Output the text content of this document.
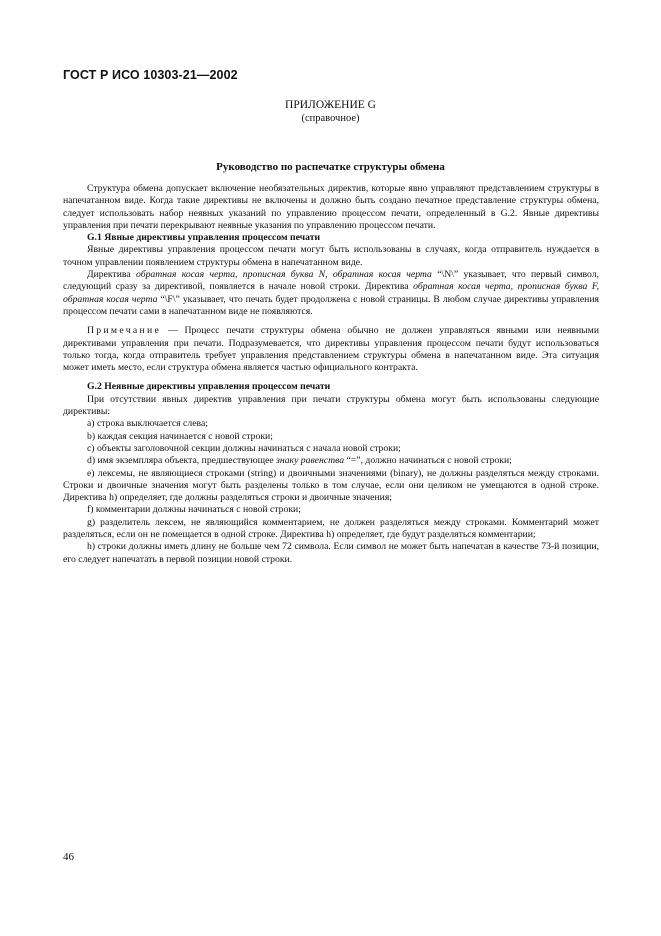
ГОСТ Р ИСО 10303-21—2002
ПРИЛОЖЕНИЕ G
(справочное)
Руководство по распечатке структуры обмена

Структура обмена допускает включение необязательных директив, которые явно управляют представлением структуры в напечатанном виде. Когда такие директивы не включены и должно быть создано печатное представление структуры обмена, следует использовать набор неявных указаний по управлению процессом печати, определенный в G.2. Явные директивы управления при печати перекрывают неявные указания по управлению процессом печати.

G.1 Явные директивы управления процессом печати

Явные директивы управления процессом печати могут быть использованы в случаях, когда отправитель нуждается в точном управлении появлением структуры обмена в напечатанном виде.

Директива обратная косая черта, прописная буква N, обратная косая черта “\N\” указывает, что первый символ, следующий сразу за директивой, появляется в начале новой строки. Директива обратная косая черта, прописная буква F, обратная косая черта “\F\” указывает, что печать будет продолжена с новой страницы. В любом случае директивы управления процессом печати сами в напечатанном виде не появляются.

Примечание — Процесс печати структуры обмена обычно не должен управляться явными или неявными директивами управления при печати. Подразумевается, что директивы управления процессом печати будут использоваться только тогда, когда отправитель требует управления представлением структуры обмена в напечатанном виде. Эта ситуация может иметь место, если структура обмена является частью официального контракта.

G.2 Неявные директивы управления процессом печати

При отсутствии явных директив управления при печати структуры обмена могут быть использованы следующие директивы:

a) строка выключается слева;

b) каждая секция начинается с новой строки;

c) объекты заголовочной секции должны начинаться с начала новой строки;

d) имя экземпляра объекта, предшествующее знаку равенства “=”, должно начинаться с новой строки;

e) лексемы, не являющиеся строками (string) и двоичными значениями (binary), не должны разделяться между строками. Строки и двоичные значения могут быть разделены только в том случае, если они целиком не умещаются в одной строке. Директива h) определяет, где должны разделяться строки и двоичные значения;

f) комментарии должны начинаться с новой строки;

g) разделитель лексем, не являющийся комментарием, не должен разделяться между строками. Комментарий может разделяться, если он не помещается в одной строке. Директива h) определяет, где будут разделяться комментарии;

h) строки должны иметь длину не больше чем 72 символа. Если символ не может быть напечатан в качестве 73-й позиции, его следует напечатать в первой позиции новой строки.

46
